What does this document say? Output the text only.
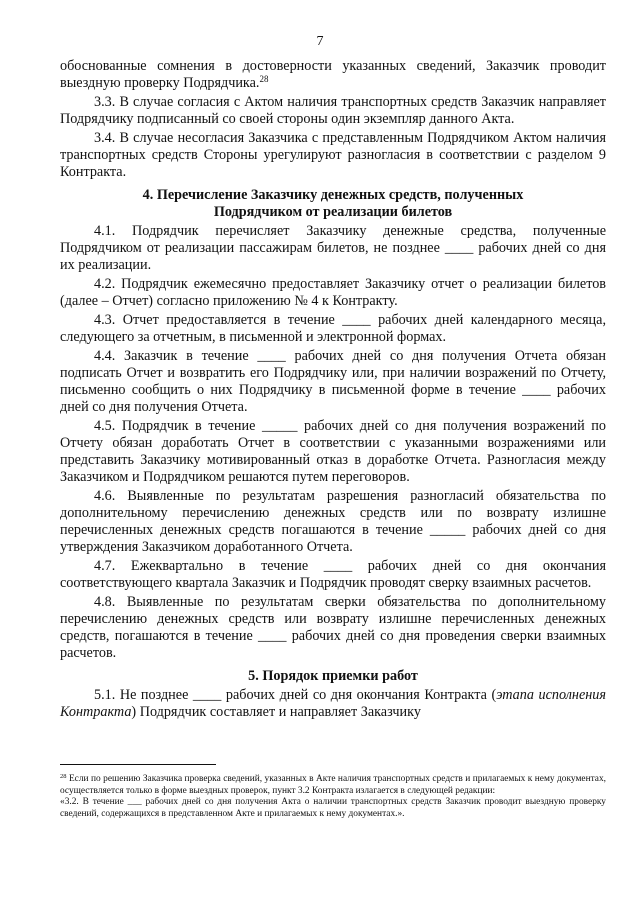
7

обоснованные сомнения в достоверности указанных сведений, Заказчик проводит выездную проверку Подрядчика.$^{28}$

3.3. В случае согласия с Актом наличия транспортных средств Заказчик направляет Подрядчику подписанный со своей стороны один экземпляр данного Акта.

3.4. В случае несогласия Заказчика с представленным Подрядчиком Актом наличия транспортных средств Стороны урегулируют разногласия в соответствии с разделом 9 Контракта.

4. Перечисление Заказчику денежных средств, полученных
Подрядчиком от реализации билетов

4.1. Подрядчик перечисляет Заказчику денежные средства, полученные Подрядчиком от реализации пассажирам билетов, не позднее ____ рабочих дней со дня их реализации.

4.2. Подрядчик ежемесячно предоставляет Заказчику отчет о реализации билетов (далее – Отчет) согласно приложению № 4 к Контракту.

4.3. Отчет предоставляется в течение ____ рабочих дней календарного месяца, следующего за отчетным, в письменной и электронной формах.

4.4. Заказчик в течение ____ рабочих дней со дня получения Отчета обязан подписать Отчет и возвратить его Подрядчику или, при наличии возражений по Отчету, письменно сообщить о них Подрядчику в письменной форме в течение ____ рабочих дней со дня получения Отчета.

4.5. Подрядчик в течение _____ рабочих дней со дня получения возражений по Отчету обязан доработать Отчет в соответствии с указанными возражениями или представить Заказчику мотивированный отказ в доработке Отчета. Разногласия между Заказчиком и Подрядчиком решаются путем переговоров.

4.6. Выявленные по результатам разрешения разногласий обязательства по дополнительному перечислению денежных средств или по возврату излишне перечисленных денежных средств погашаются в течение _____ рабочих дней со дня утверждения Заказчиком доработанного Отчета.

4.7. Ежеквартально в течение ____ рабочих дней со дня окончания соответствующего квартала Заказчик и Подрядчик проводят сверку взаимных расчетов.

4.8. Выявленные по результатам сверки обязательства по дополнительному перечислению денежных средств или возврату излишне перечисленных денежных средств, погашаются в течение ____ рабочих дней со дня проведения сверки взаимных расчетов.

5. Порядок приемки работ

5.1. Не позднее ____ рабочих дней со дня окончания Контракта (этапа исполнения Контракта) Подрядчик составляет и направляет Заказчику

$^{28}$ Если по решению Заказчика проверка сведений, указанных в Акте наличия транспортных средств и прилагаемых к нему документах, осуществляется только в форме выездных проверок, пункт 3.2 Контракта излагается в следующей редакции:

«3.2. В течение ___ рабочих дней со дня получения Акта о наличии транспортных средств Заказчик проводит выездную проверку сведений, содержащихся в представленном Акте и прилагаемых к нему документах.».
